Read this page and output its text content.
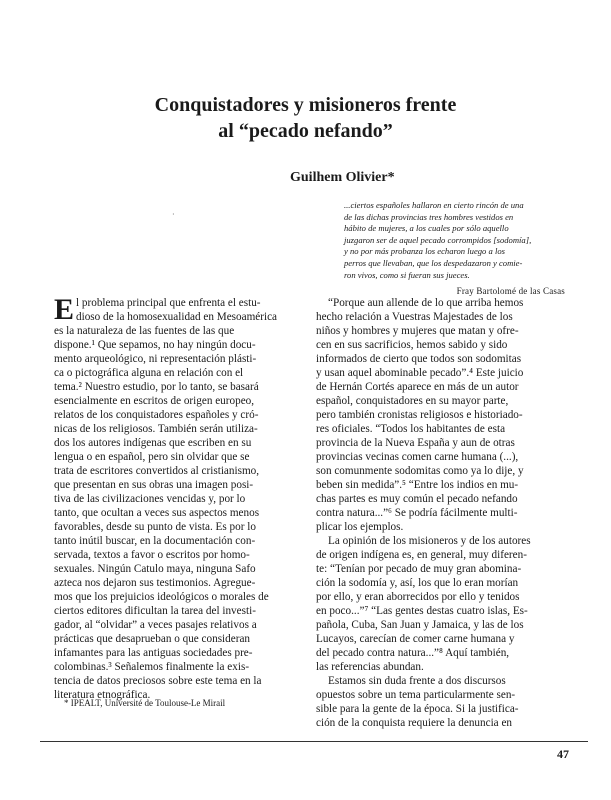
Conquistadores y misioneros frente
al “pecado nefando”
Guilhem Olivier*
·
...ciertos españoles hallaron en cierto rincón de una
de las dichas provincias tres hombres vestidos en
hábito de mujeres, a los cuales por sólo aquello
juzgaron ser de aquel pecado corrompidos [sodomía],
y no por más probanza los echaron luego a los
perros que llevaban, que los despedazaron y comie-
ron vivos, como si fueran sus jueces.
Fray Bartolomé de las Casas
E l problema principal que enfrenta el estu-
dioso de la homosexualidad en Mesoamérica
es la naturaleza de las fuentes de las que
dispone.¹ Que sepamos, no hay ningún docu-
mento arqueológico, ni representación plásti-
ca o pictográfica alguna en relación con el
tema.² Nuestro estudio, por lo tanto, se basará
esencialmente en escritos de origen europeo,
relatos de los conquistadores españoles y cró-
nicas de los religiosos. También serán utiliza-
dos los autores indígenas que escriben en su
lengua o en español, pero sin olvidar que se
trata de escritores convertidos al cristianismo,
que presentan en sus obras una imagen posi-
tiva de las civilizaciones vencidas y, por lo
tanto, que ocultan a veces sus aspectos menos
favorables, desde su punto de vista. Es por lo
tanto inútil buscar, en la documentación con-
servada, textos a favor o escritos por homo-
sexuales. Ningún Catulo maya, ninguna Safo
azteca nos dejaron sus testimonios. Agregue-
mos que los prejuicios ideológicos o morales de
ciertos editores dificultan la tarea del investi-
gador, al “olvidar” a veces pasajes relativos a
prácticas que desaprueban o que consideran
infamantes para las antiguas sociedades pre-
colombinas.³ Señalemos finalmente la exis-
tencia de datos preciosos sobre este tema en la
literatura etnográfica.
“Porque aun allende de lo que arriba hemos
hecho relación a Vuestras Majestades de los
niños y hombres y mujeres que matan y ofre-
cen en sus sacrificios, hemos sabido y sido
informados de cierto que todos son sodomitas
y usan aquel abominable pecado”.⁴ Este juicio
de Hernán Cortés aparece en más de un autor
español, conquistadores en su mayor parte,
pero también cronistas religiosos e historiado-
res oficiales. “Todos los habitantes de esta
provincia de la Nueva España y aun de otras
provincias vecinas comen carne humana (...),
son comunmente sodomitas como ya lo dije, y
beben sin medida”.⁵ “Entre los indios en mu-
chas partes es muy común el pecado nefando
contra natura...”⁶ Se podría fácilmente multi-
plicar los ejemplos.
La opinión de los misioneros y de los autores
de origen indígena es, en general, muy diferen-
te: “Tenían por pecado de muy gran abomina-
ción la sodomía y, así, los que lo eran morían
por ello, y eran aborrecidos por ello y tenidos
en poco...”⁷ “Las gentes destas cuatro islas, Es-
pañola, Cuba, San Juan y Jamaica, y las de los
Lucayos, carecían de comer carne humana y
del pecado contra natura...”⁸ Aquí también,
las referencias abundan.
Estamos sin duda frente a dos discursos
opuestos sobre un tema particularmente sen-
sible para la gente de la época. Si la justifica-
ción de la conquista requiere la denuncia en
* IPEALT, Université de Toulouse-Le Mirail
47
